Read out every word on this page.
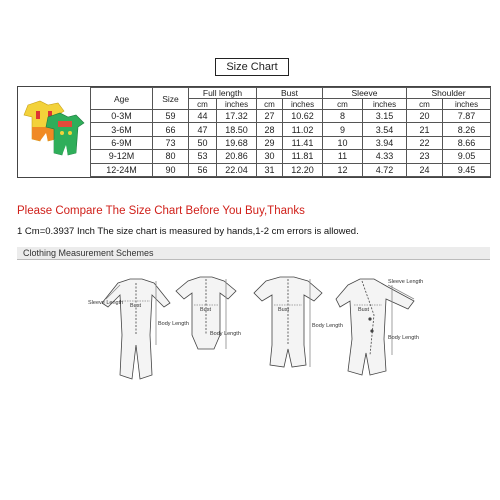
Size Chart
Age	Size	Full length		Bust		Sleeve		Shoulder	
		cm	inches	cm	inches	cm	inches	cm	inches
0-3M	59	44	17.32	27	10.62	8	3.15	20	7.87
3-6M	66	47	18.50	28	11.02	9	3.54	21	8.26
6-9M	73	50	19.68	29	11.41	10	3.94	22	8.66
9-12M	80	53	20.86	30	11.81	11	4.33	23	9.05
12-24M	90	56	22.04	31	12.20	12	4.72	24	9.45
Please Compare The Size Chart Before You Buy,Thanks
1 Cm=0.3937 Inch The size chart is measured by hands,1-2 cm errors is allowed.
Clothing Measurement Schemes
Sleeve Length Bust
Body Length
Bust
Body Length
Bust
Body Length
Sleeve Length
Bust
Body Length
